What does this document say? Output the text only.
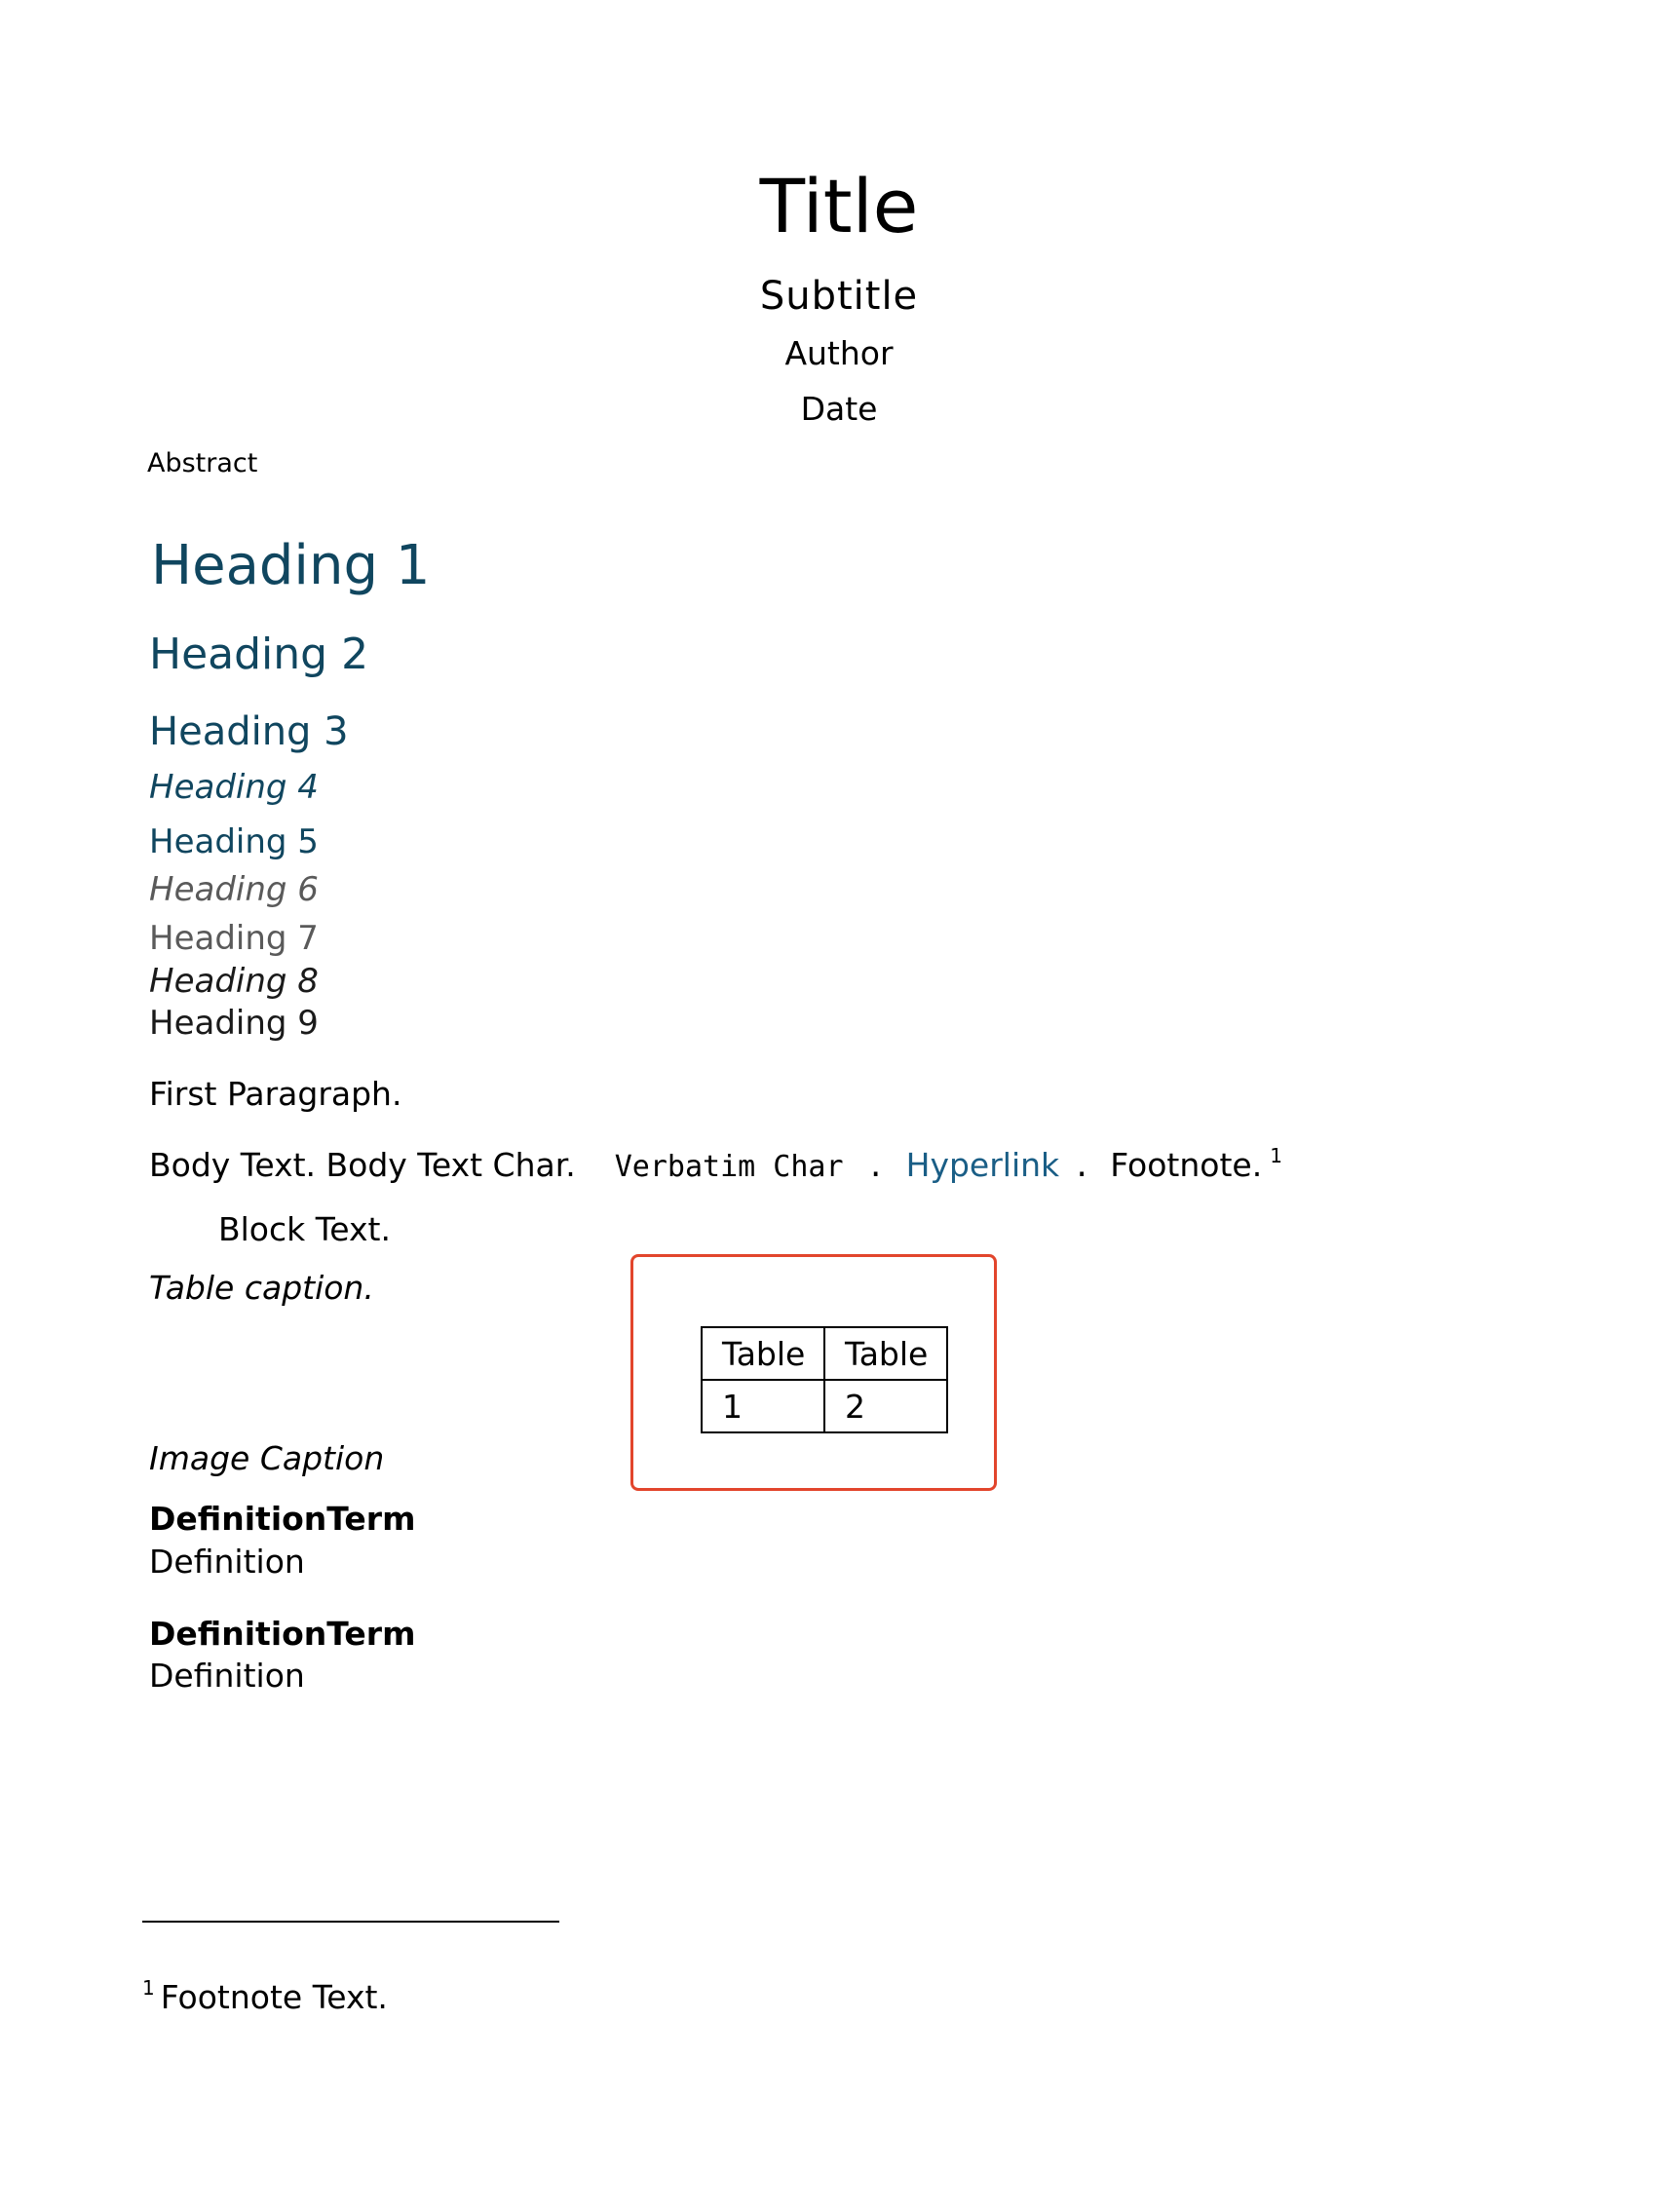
Title
Subtitle
Author
Date
Abstract
Heading 1
Heading 2
Heading 3
Heading 4
Heading 5
Heading 6
Heading 7
Heading 8
Heading 9
First Paragraph.
Body Text. Body Text Char. Verbatim Char . Hyperlink . Footnote. $^1$
Block Text.
Table caption.
Table	Table
1	2
Image Caption
DefinitionTerm
Definition
DefinitionTerm
Definition
$^1$ Footnote Text.
